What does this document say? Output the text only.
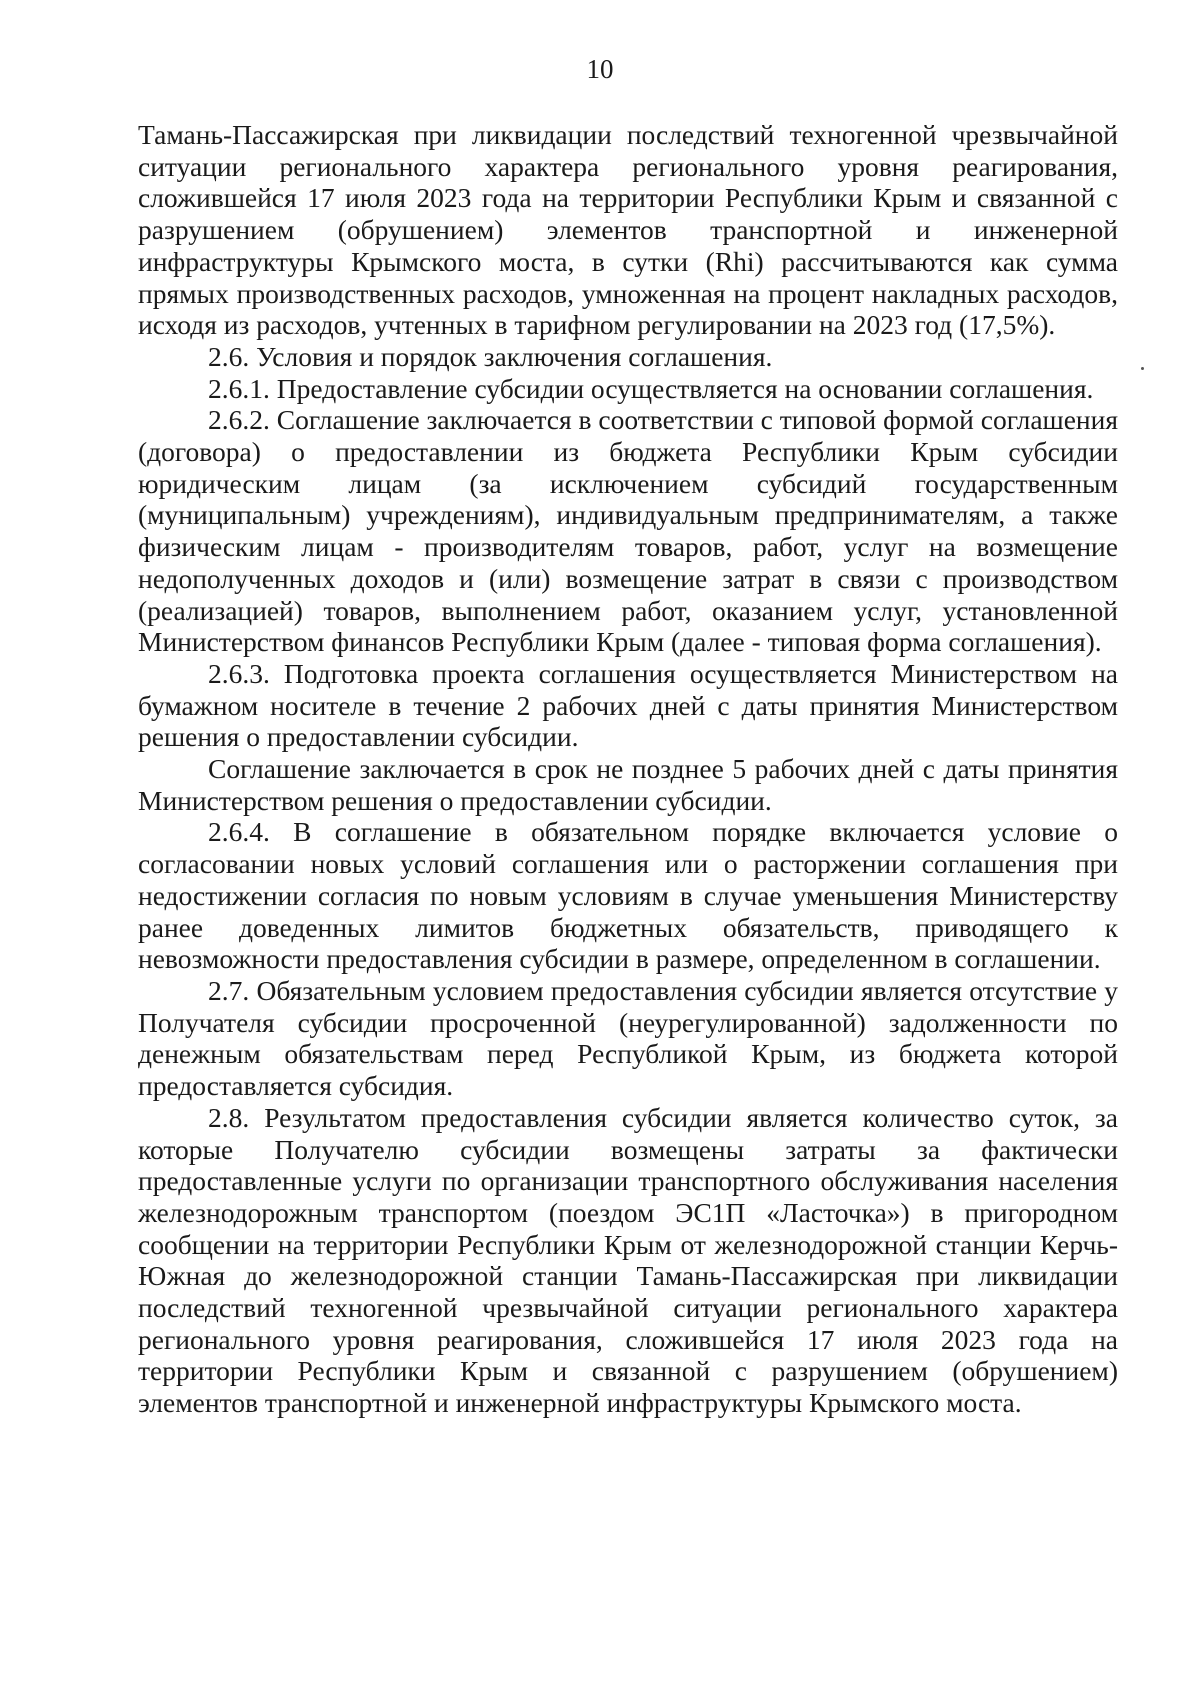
10

Тамань-Пассажирская при ликвидации последствий техногенной чрезвычайной ситуации регионального характера регионального уровня реагирования, сложившейся 17 июля 2023 года на территории Республики Крым и связанной с разрушением (обрушением) элементов транспортной и инженерной инфраструктуры Крымского моста, в сутки (Rhi) рассчитываются как сумма прямых производственных расходов, умноженная на процент накладных расходов, исходя из расходов, учтенных в тарифном регулировании на 2023 год (17,5%).

2.6. Условия и порядок заключения соглашения.

2.6.1. Предоставление субсидии осуществляется на основании соглашения.

2.6.2. Соглашение заключается в соответствии с типовой формой соглашения (договора) о предоставлении из бюджета Республики Крым субсидии юридическим лицам (за исключением субсидий государственным (муниципальным) учреждениям), индивидуальным предпринимателям, а также физическим лицам - производителям товаров, работ, услуг на возмещение недополученных доходов и (или) возмещение затрат в связи с производством (реализацией) товаров, выполнением работ, оказанием услуг, установленной Министерством финансов Республики Крым (далее - типовая форма соглашения).

2.6.3. Подготовка проекта соглашения осуществляется Министерством на бумажном носителе в течение 2 рабочих дней с даты принятия Министерством решения о предоставлении субсидии.

Соглашение заключается в срок не позднее 5 рабочих дней с даты принятия Министерством решения о предоставлении субсидии.

2.6.4. В соглашение в обязательном порядке включается условие о согласовании новых условий соглашения или о расторжении соглашения при недостижении согласия по новым условиям в случае уменьшения Министерству ранее доведенных лимитов бюджетных обязательств, приводящего к невозможности предоставления субсидии в размере, определенном в соглашении.

2.7. Обязательным условием предоставления субсидии является отсутствие у Получателя субсидии просроченной (неурегулированной) задолженности по денежным обязательствам перед Республикой Крым, из бюджета которой предоставляется субсидия.

2.8. Результатом предоставления субсидии является количество суток, за которые Получателю субсидии возмещены затраты за фактически предоставленные услуги по организации транспортного обслуживания населения железнодорожным транспортом (поездом ЭС1П «Ласточка») в пригородном сообщении на территории Республики Крым от железнодорожной станции Керчь-Южная до железнодорожной станции Тамань-Пассажирская при ликвидации последствий техногенной чрезвычайной ситуации регионального характера регионального уровня реагирования, сложившейся 17 июля 2023 года на территории Республики Крым и связанной с разрушением (обрушением) элементов транспортной и инженерной инфраструктуры Крымского моста.
